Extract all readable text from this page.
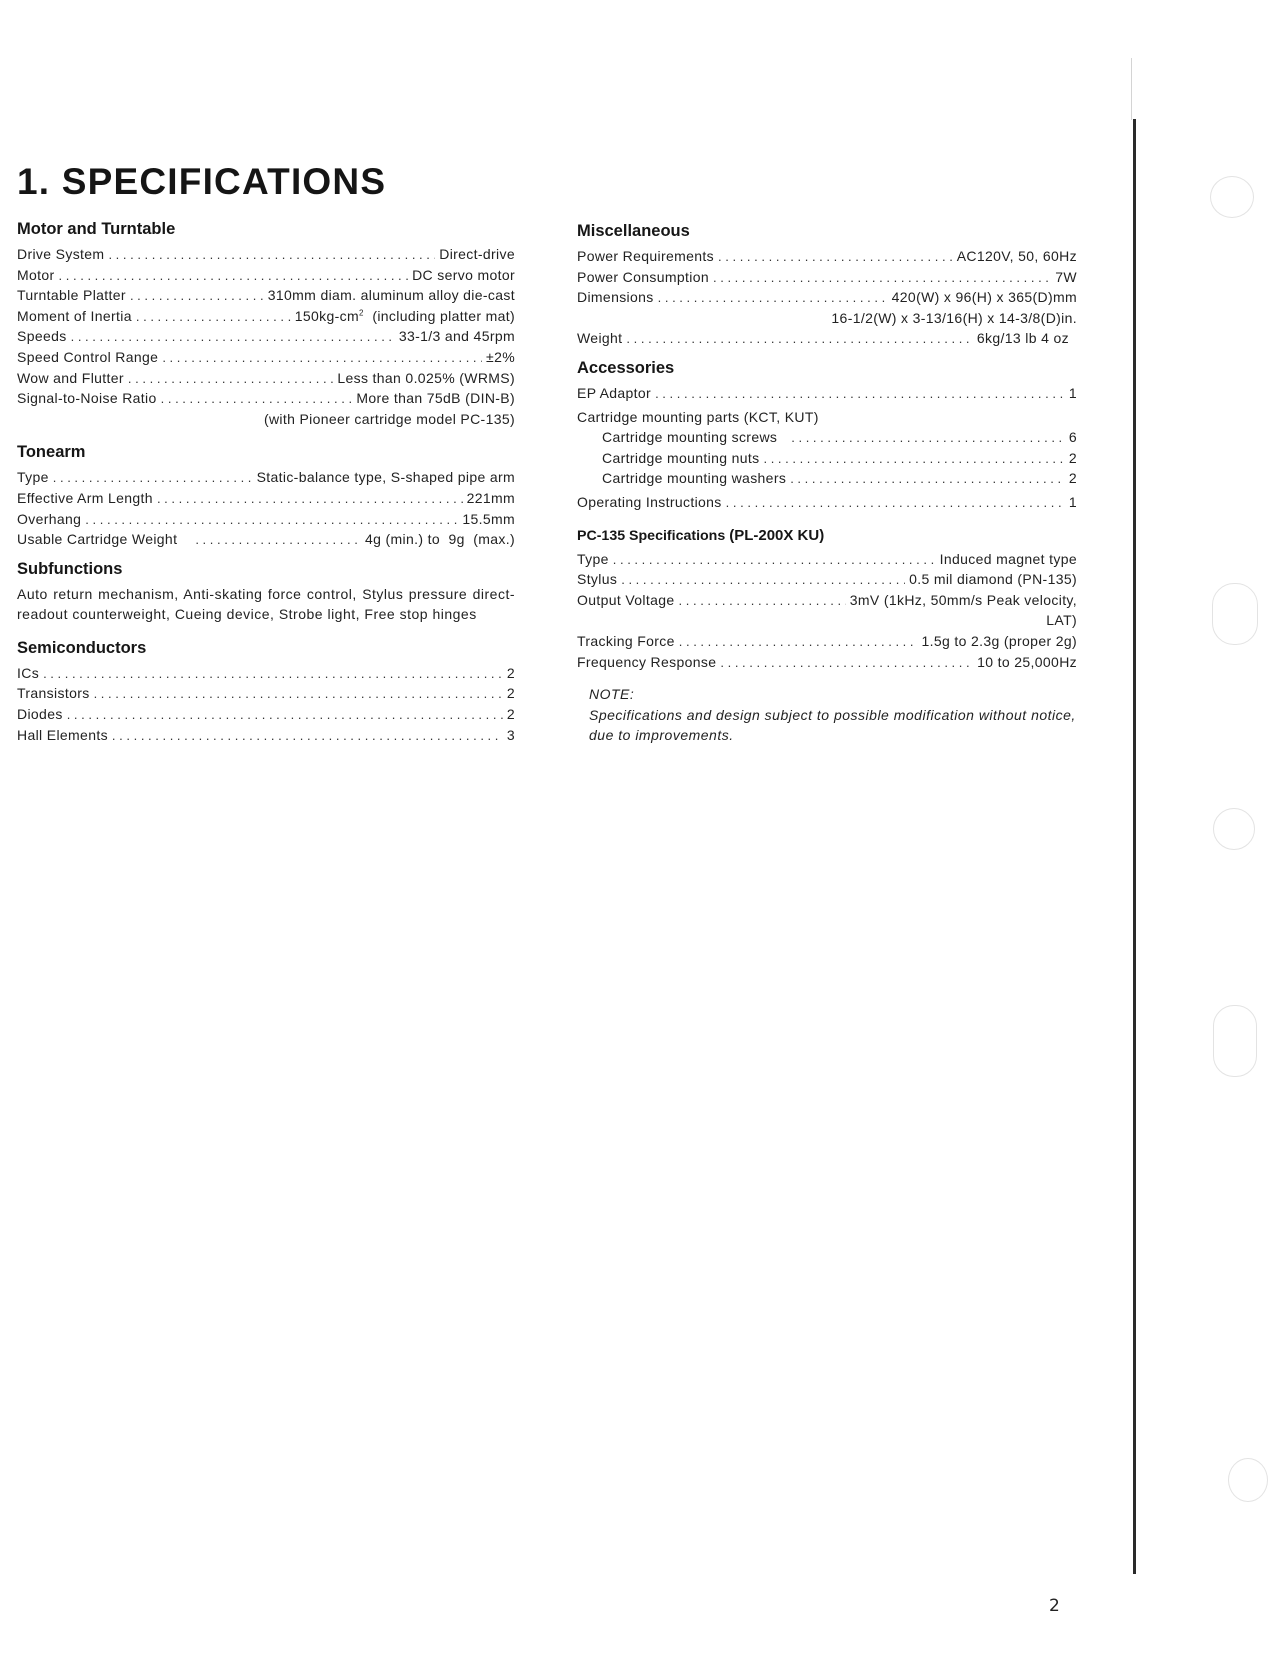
1. SPECIFICATIONS
Motor and Turntable
Drive System . . .	Direct-drive
Motor . . .	DC servo motor
Turntable Platter . . .	310mm diam. aluminum alloy die-cast
Moment of Inertia . . .	$150kg-cm^2$  (including platter mat)
Speeds . . .	33-1/3 and 45rpm
Speed Control Range . . .	±2%
Wow and Flutter . . .	Less than 0.025% (WRMS)
Signal-to-Noise Ratio . . .	More than 75dB (DIN-B)
(with Pioneer cartridge model PC-135)
Tonearm
Type . . .	Static-balance type, S-shaped pipe arm
Effective Arm Length . . .	221mm
Overhang . . .	15.5mm
Usable Cartridge Weight . . .	4g (min.) to  9g  (max.)
Subfunctions

Auto return mechanism, Anti-skating force control, Stylus pressure direct-readout counterweight, Cueing device, Strobe light, Free stop hinges

Semiconductors
ICs . . .	2
Transistors . . .	2
Diodes . . .	2
Hall Elements . . .	3
Miscellaneous
Power Requirements . . .	AC120V, 50, 60Hz
Power Consumption . . .	7W
Dimensions . . .	420(W) x 96(H) x 365(D)mm
16-1/2(W) x 3-13/16(H) x 14-3/8(D)in.
Weight . . .	6kg/13 lb 4 oz
Accessories
EP Adaptor . . .	1
Cartridge mounting parts (KCT, KUT)
Cartridge mounting screws . . .	6
Cartridge mounting nuts . . .	2
Cartridge mounting washers . . .	2
Operating Instructions . . .	1
PC-135 Specifications (PL-200X KU)
Type . . .	Induced magnet type
Stylus . . .	0.5 mil diamond (PN-135)
Output Voltage . . .	3mV (1kHz, 50mm/s Peak velocity,
LAT)
Tracking Force . . .	1.5g to 2.3g (proper 2g)
Frequency Response . . .	10 to 25,000Hz
NOTE:
Specifications and design subject to possible modification without notice, due to improvements.
2
